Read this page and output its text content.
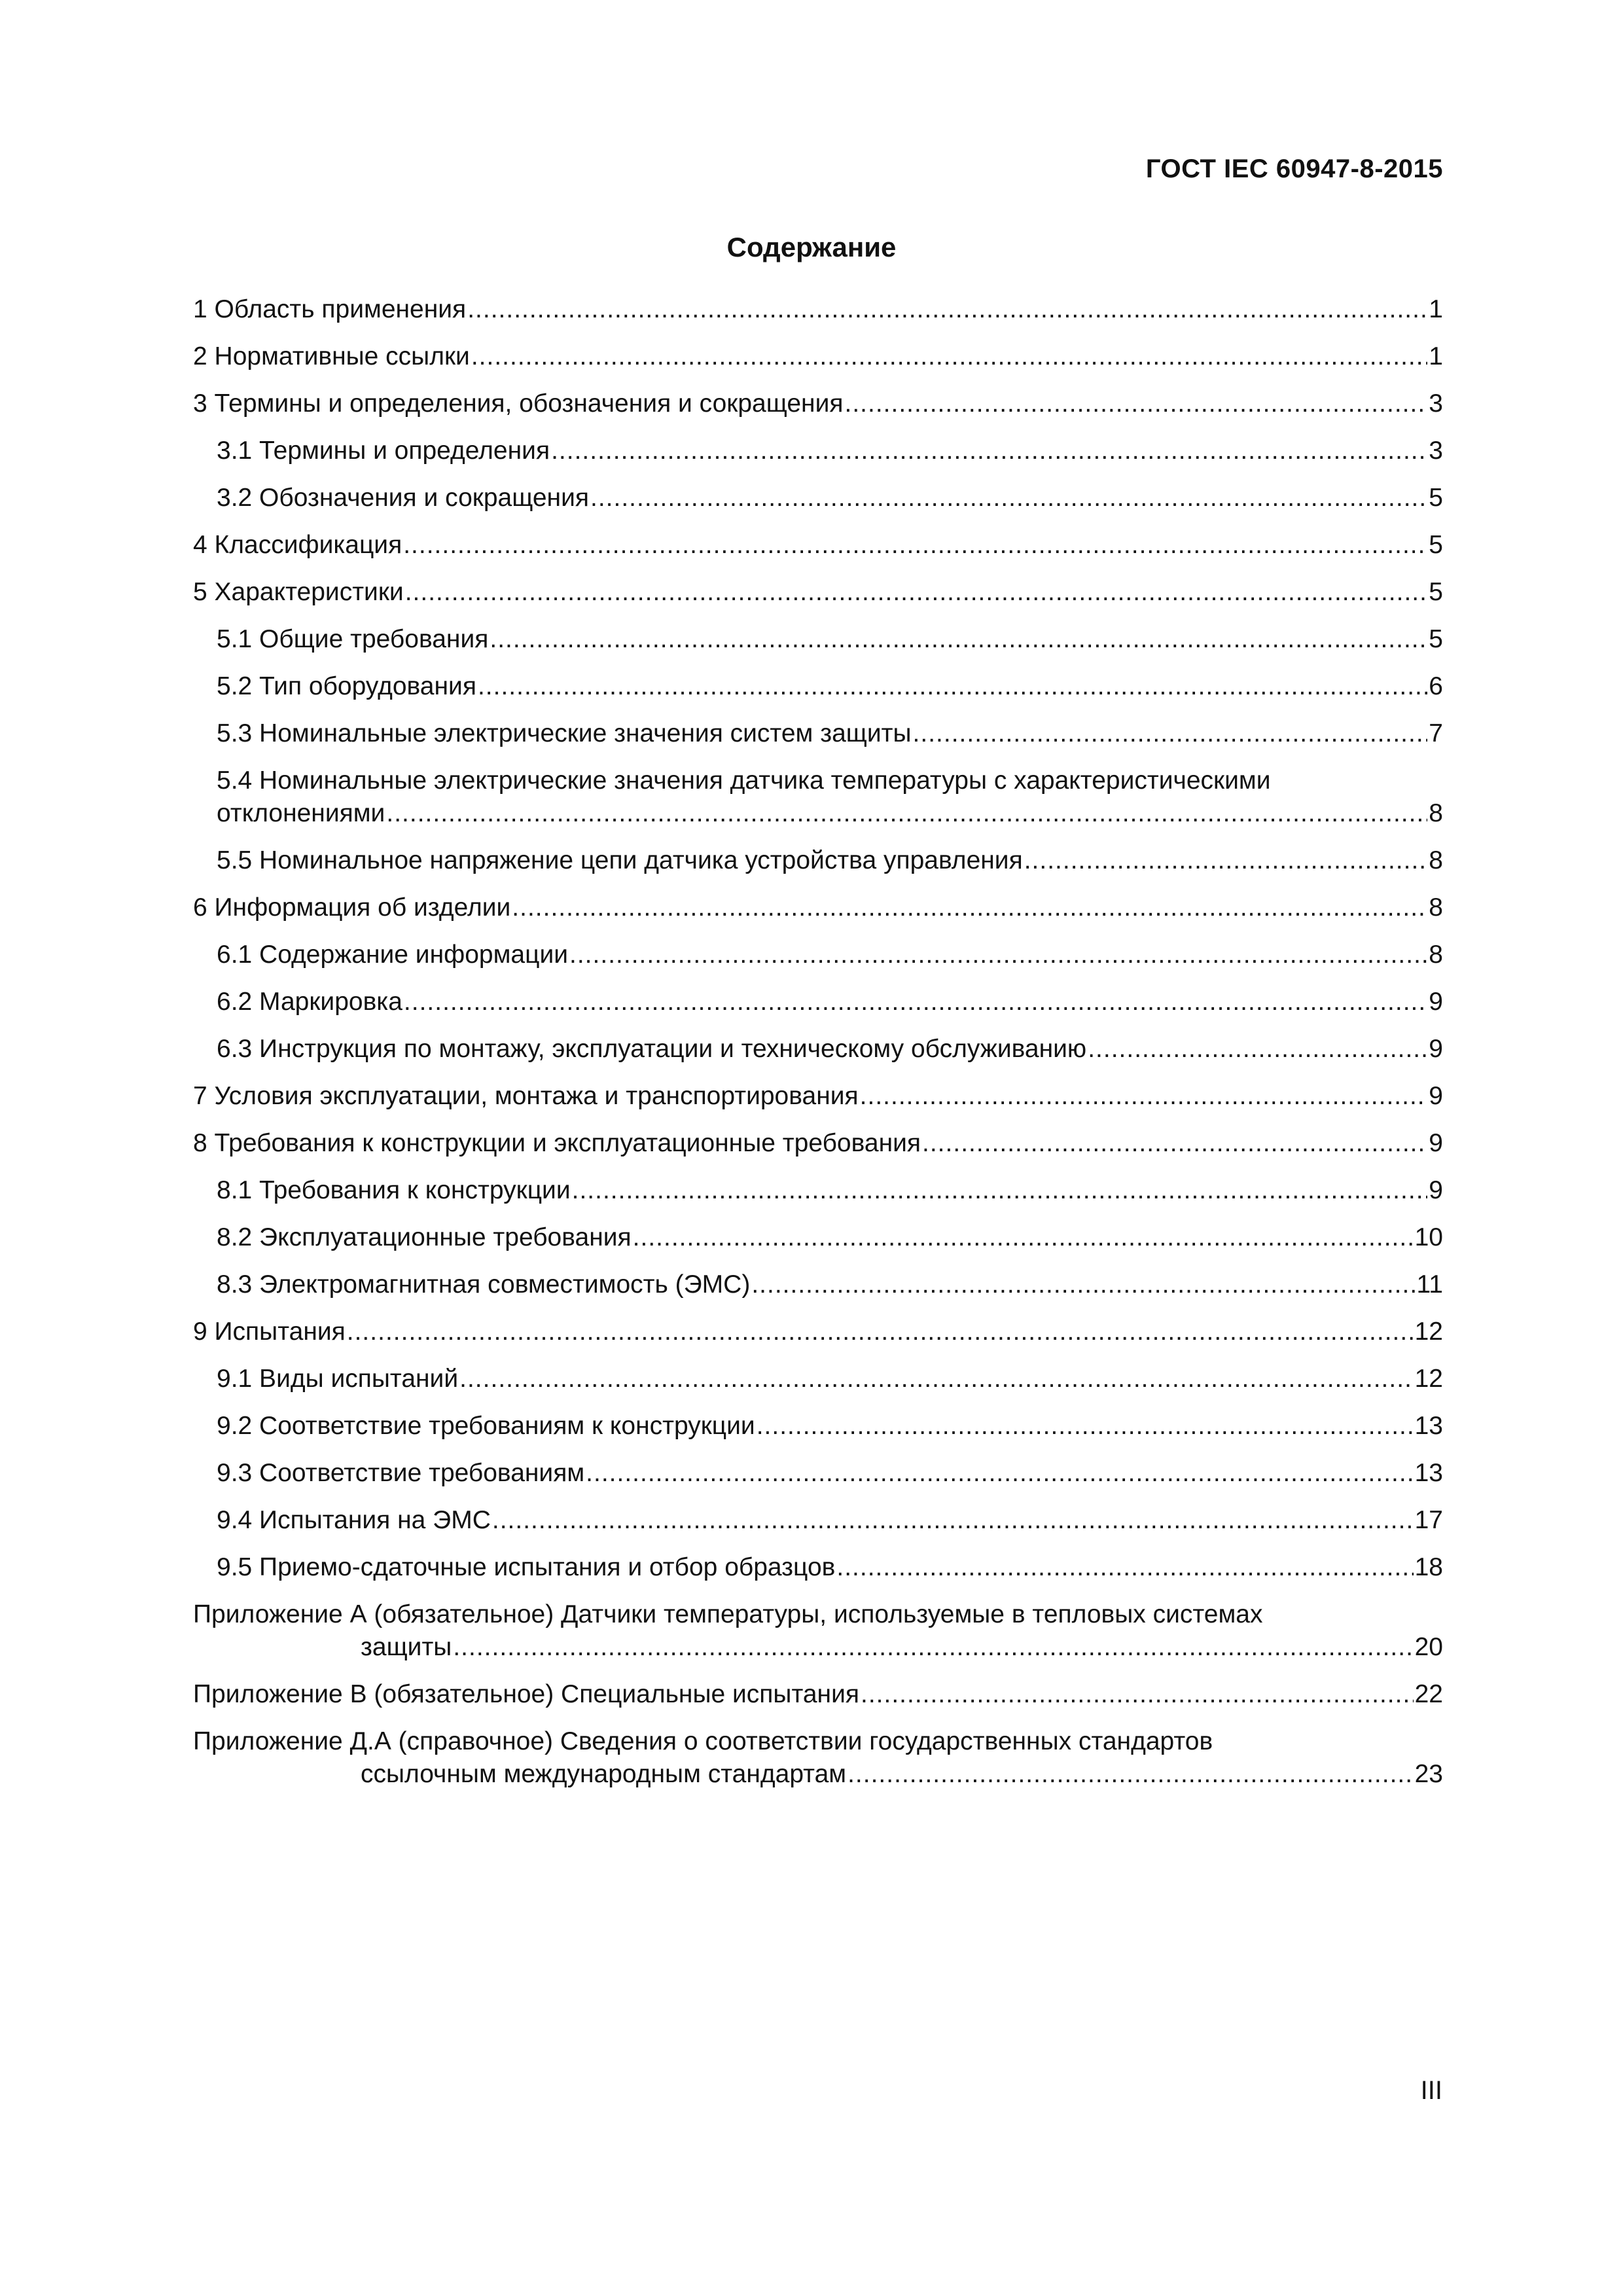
ГОСТ IEC 60947-8-2015
Содержание
1 Область применения .....	1
2 Нормативные ссылки .....	1
3 Термины и определения, обозначения и сокращения .....	3
3.1 Термины и определения .....	3
3.2 Обозначения и сокращения .....	5
4 Классификация .....	5
5 Характеристики .....	5
5.1 Общие требования .....	5
5.2 Тип оборудования .....	6
5.3 Номинальные электрические значения систем защиты .....	7
5.4 Номинальные электрические значения датчика температуры с характеристическими
отклонениями .....	8
5.5 Номинальное напряжение цепи датчика устройства управления .....	8
6 Информация об изделии .....	8
6.1 Содержание информации .....	8
6.2 Маркировка .....	9
6.3 Инструкция по монтажу, эксплуатации и техническому обслуживанию .....	9
7 Условия эксплуатации, монтажа и транспортирования .....	9
8 Требования к конструкции и эксплуатационные требования .....	9
8.1 Требования к конструкции .....	9
8.2 Эксплуатационные требования .....	10
8.3 Электромагнитная совместимость (ЭМС) .....	11
9 Испытания .....	12
9.1 Виды испытаний .....	12
9.2 Соответствие требованиям к конструкции .....	13
9.3 Соответствие требованиям .....	13
9.4 Испытания на ЭМС .....	17
9.5 Приемо-сдаточные испытания и отбор образцов .....	18
Приложение А (обязательное) Датчики температуры, используемые в тепловых системах
защиты .....	20
Приложение В (обязательное) Специальные испытания .....	22
Приложение Д.А (справочное) Сведения о соответствии государственных стандартов
ссылочным международным стандартам .....	23
III
